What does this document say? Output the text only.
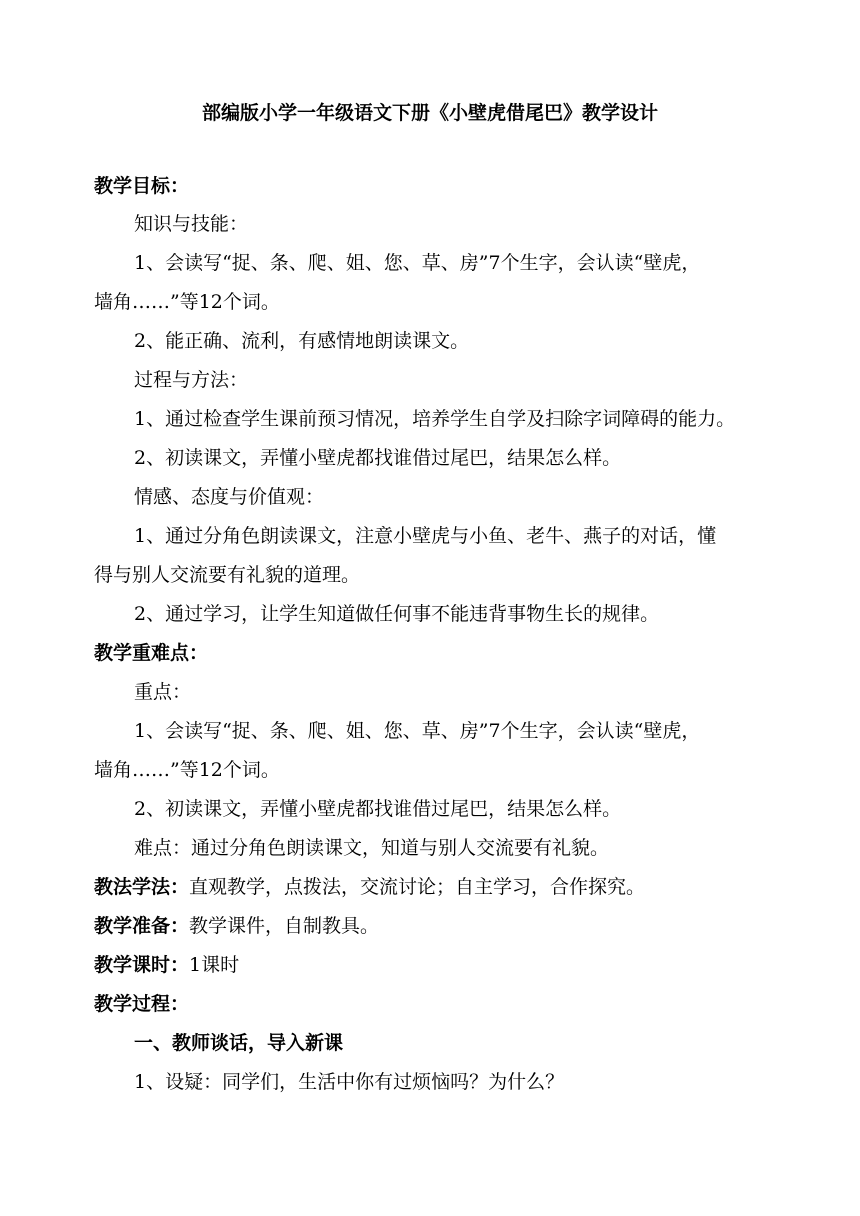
部编版小学一年级语文下册《小壁虎借尾巴》教学设计
教学目标：
知识与技能：
1、会读写“捉、条、爬、姐、您、草、房”7个生字，会认读“壁虎，
墙角……”等12个词。
2、能正确、流利，有感情地朗读课文。
过程与方法：
1、通过检查学生课前预习情况，培养学生自学及扫除字词障碍的能力。
2、初读课文，弄懂小壁虎都找谁借过尾巴，结果怎么样。
情感、态度与价值观：
1、通过分角色朗读课文，注意小壁虎与小鱼、老牛、燕子的对话，懂
得与别人交流要有礼貌的道理。
2、通过学习，让学生知道做任何事不能违背事物生长的规律。
教学重难点：
重点：
1、会读写“捉、条、爬、姐、您、草、房”7个生字，会认读“壁虎，
墙角……”等12个词。
2、初读课文，弄懂小壁虎都找谁借过尾巴，结果怎么样。
难点：通过分角色朗读课文，知道与别人交流要有礼貌。
教法学法：直观教学，点拨法，交流讨论；自主学习，合作探究。
教学准备：教学课件，自制教具。
教学课时：1课时
教学过程：
一、教师谈话，导入新课
1、设疑：同学们，生活中你有过烦恼吗？为什么？
